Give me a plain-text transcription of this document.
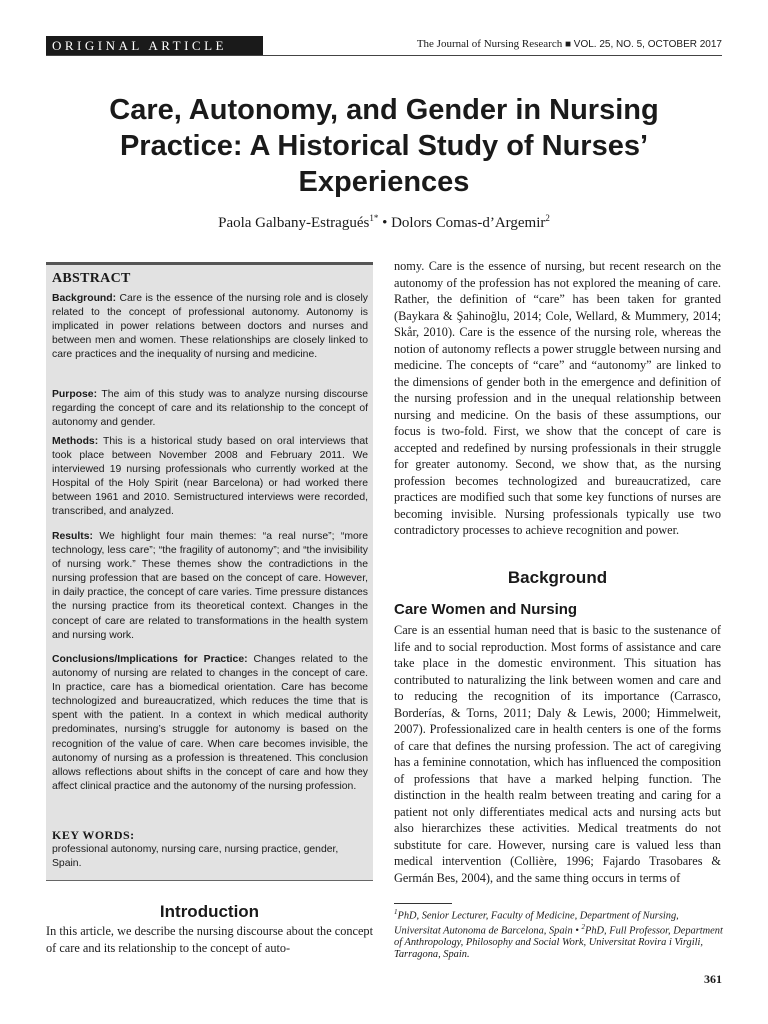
ORIGINAL ARTICLE	The Journal of Nursing Research ■ VOL. 25, NO. 5, OCTOBER 2017
Care, Autonomy, and Gender in Nursing Practice: A Historical Study of Nurses’ Experiences
Paola Galbany-Estragués$^{1*}$ • Dolors Comas-d’Argemir$^2$
ABSTRACT

Background: Care is the essence of the nursing role and is closely related to the concept of professional autonomy. Autonomy is implicated in power relations between doctors and nurses and between men and women. These relationships are closely linked to care practices and the inequality of nursing and medicine.

Purpose: The aim of this study was to analyze nursing discourse regarding the concept of care and its relationship to the concept of autonomy and gender.

Methods: This is a historical study based on oral interviews that took place between November 2008 and February 2011. We interviewed 19 nursing professionals who currently worked at the Hospital of the Holy Spirit (near Barcelona) or had worked there between 1961 and 2010. Semistructured interviews were recorded, transcribed, and analyzed.

Results: We highlight four main themes: “a real nurse”; “more technology, less care”; “the fragility of autonomy”; and “the invisibility of nursing work.” These themes show the contradictions in the nursing profession that are based on the concept of care. However, in daily practice, the concept of care varies. Time pressure distances the nursing practice from its theoretical context. Changes in the concept of care are related to transformations in the health system and nursing work.

Conclusions/Implications for Practice: Changes related to the autonomy of nursing are related to changes in the concept of care. In practice, care has a biomedical orientation. Care has become technologized and bureaucratized, which reduces the time that is spent with the patient. In a context in which medical authority predominates, nursing’s struggle for autonomy is based on the recognition of the value of care. When care becomes invisible, the autonomy of nursing as a profession is threatened. This conclusion allows reflections about shifts in the concept of care and how they affect clinical practice and the autonomy of the nursing profession.

KEY WORDS:
professional autonomy, nursing care, nursing practice, gender, Spain.
Introduction

In this article, we describe the nursing discourse about the concept of care and its relationship to the concept of auto-

nomy. Care is the essence of nursing, but recent research on the autonomy of the profession has not explored the meaning of care. Rather, the definition of “care” has been taken for granted (Baykara & Şahinoğlu, 2014; Cole, Wellard, & Mummery, 2014; Skår, 2010). Care is the essence of the nursing role, whereas the notion of autonomy reflects a power struggle between nursing and medicine. The concepts of “care” and “autonomy” are linked to the dimensions of gender both in the emergence and definition of the nursing profession and in the unequal relationship between nursing and medicine. On the basis of these assumptions, our focus is two-fold. First, we show that the concept of care is accepted and redefined by nursing professionals in their struggle for greater autonomy. Second, we show that, as the nursing profession becomes technologized and bureaucratized, care practices are modified such that some key functions of nurses are becoming invisible. Nursing professionals typically use two contradictory processes to achieve recognition and power.

Background
Care Women and Nursing

Care is an essential human need that is basic to the sustenance of life and to social reproduction. Most forms of assistance and care take place in the domestic environment. This situation has contributed to naturalizing the link between women and care and to reducing the recognition of its importance (Carrasco, Borderías, & Torns, 2011; Daly & Lewis, 2000; Himmelweit, 2007). Professionalized care in health centers is one of the forms of care that defines the nursing profession. The act of caregiving has a feminine connotation, which has influenced the composition of professions that have a marked helping function. The distinction in the health realm between treating and caring for a patient not only differentiates medical acts and nursing acts but also hierarchizes these activities. Medical treatments do not substitute for care. However, nursing care is valued less than medical intervention (Collière, 1996; Fajardo Trasobares & Germán Bes, 2004), and the same thing occurs in terms of

$^1$PhD, Senior Lecturer, Faculty of Medicine, Department of Nursing, Universitat Autonoma de Barcelona, Spain • $^2$PhD, Full Professor, Department of Anthropology, Philosophy and Social Work, Universitat Rovira i Virgili, Tarragona, Spain.

361
